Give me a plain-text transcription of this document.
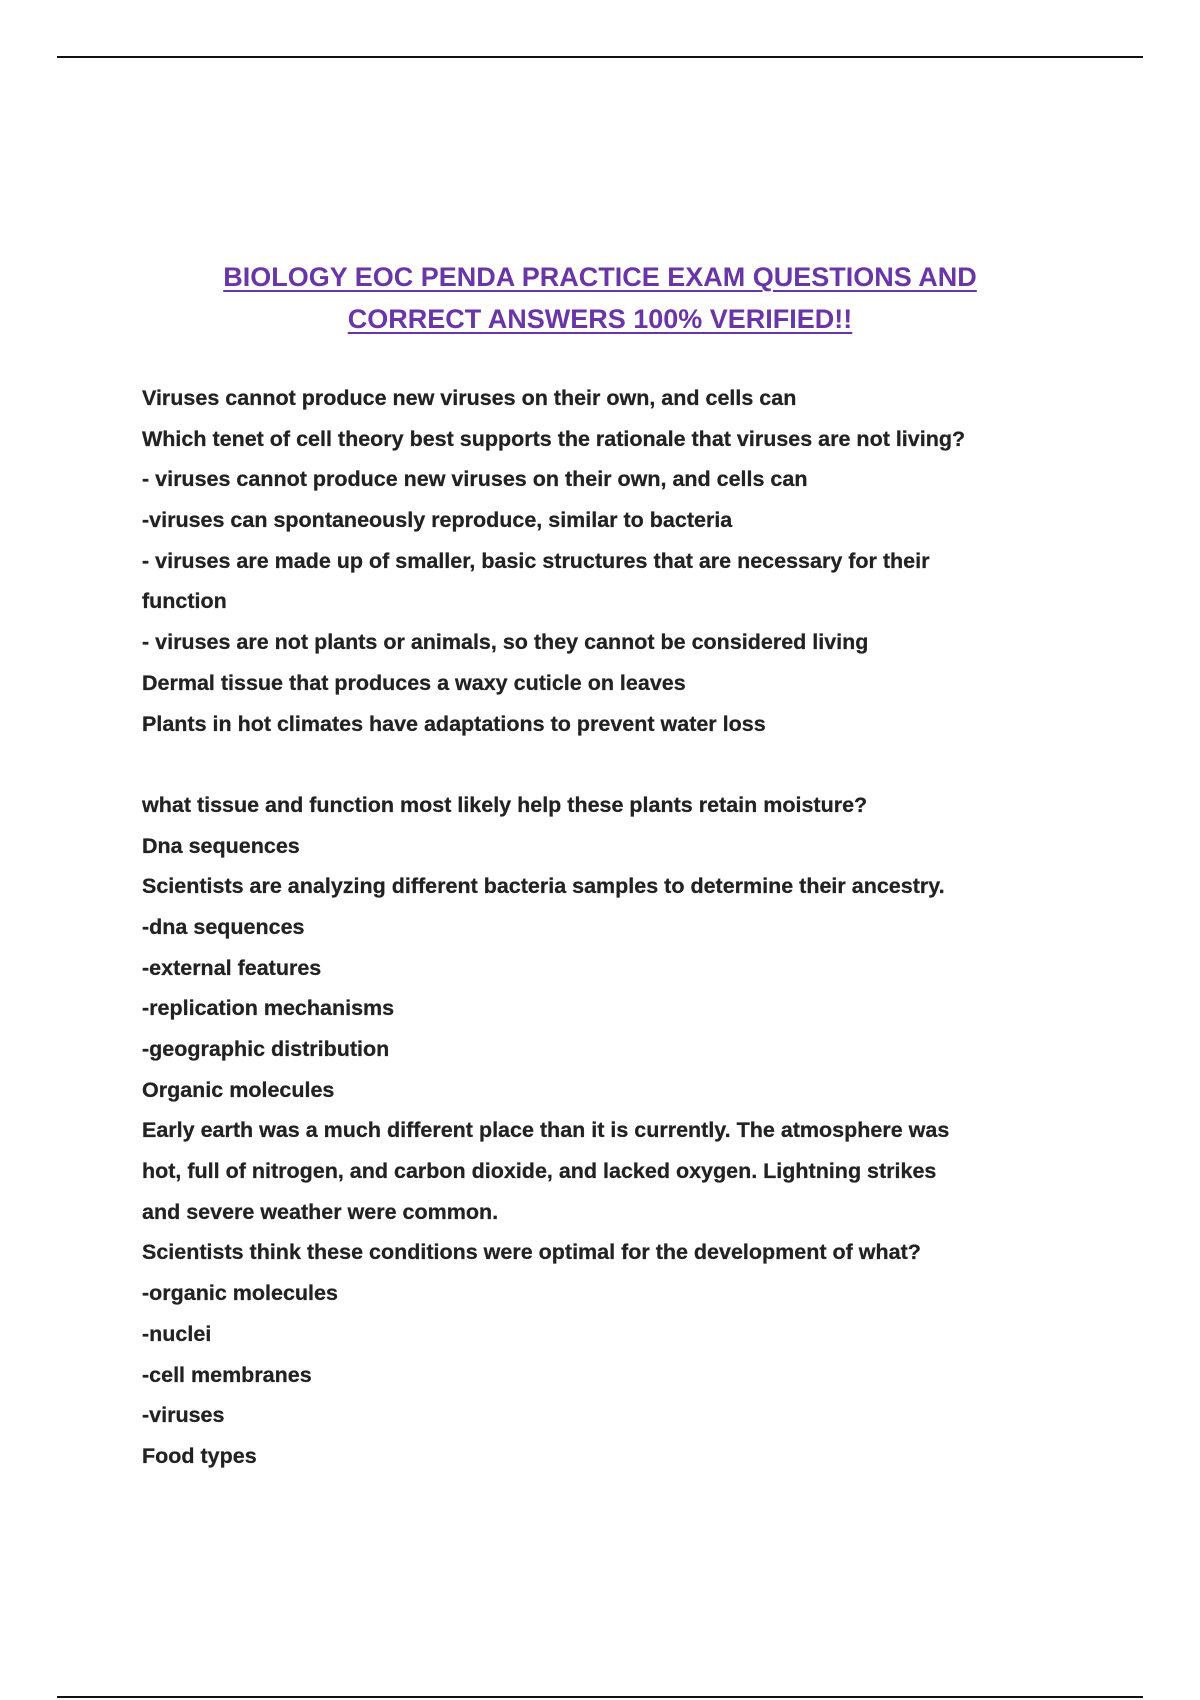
BIOLOGY EOC PENDA PRACTICE EXAM QUESTIONS AND
CORRECT ANSWERS 100% VERIFIED!!
Viruses cannot produce new viruses on their own, and cells can
Which tenet of cell theory best supports the rationale that viruses are not living?
- viruses cannot produce new viruses on their own, and cells can
-viruses can spontaneously reproduce, similar to bacteria
- viruses are made up of smaller, basic structures that are necessary for their
function
- viruses are not plants or animals, so they cannot be considered living
Dermal tissue that produces a waxy cuticle on leaves
Plants in hot climates have adaptations to prevent water loss
what tissue and function most likely help these plants retain moisture?
Dna sequences
Scientists are analyzing different bacteria samples to determine their ancestry.
-dna sequences
-external features
-replication mechanisms
-geographic distribution
Organic molecules
Early earth was a much different place than it is currently. The atmosphere was
hot, full of nitrogen, and carbon dioxide, and lacked oxygen. Lightning strikes
and severe weather were common.
Scientists think these conditions were optimal for the development of what?
-organic molecules
-nuclei
-cell membranes
-viruses
Food types
